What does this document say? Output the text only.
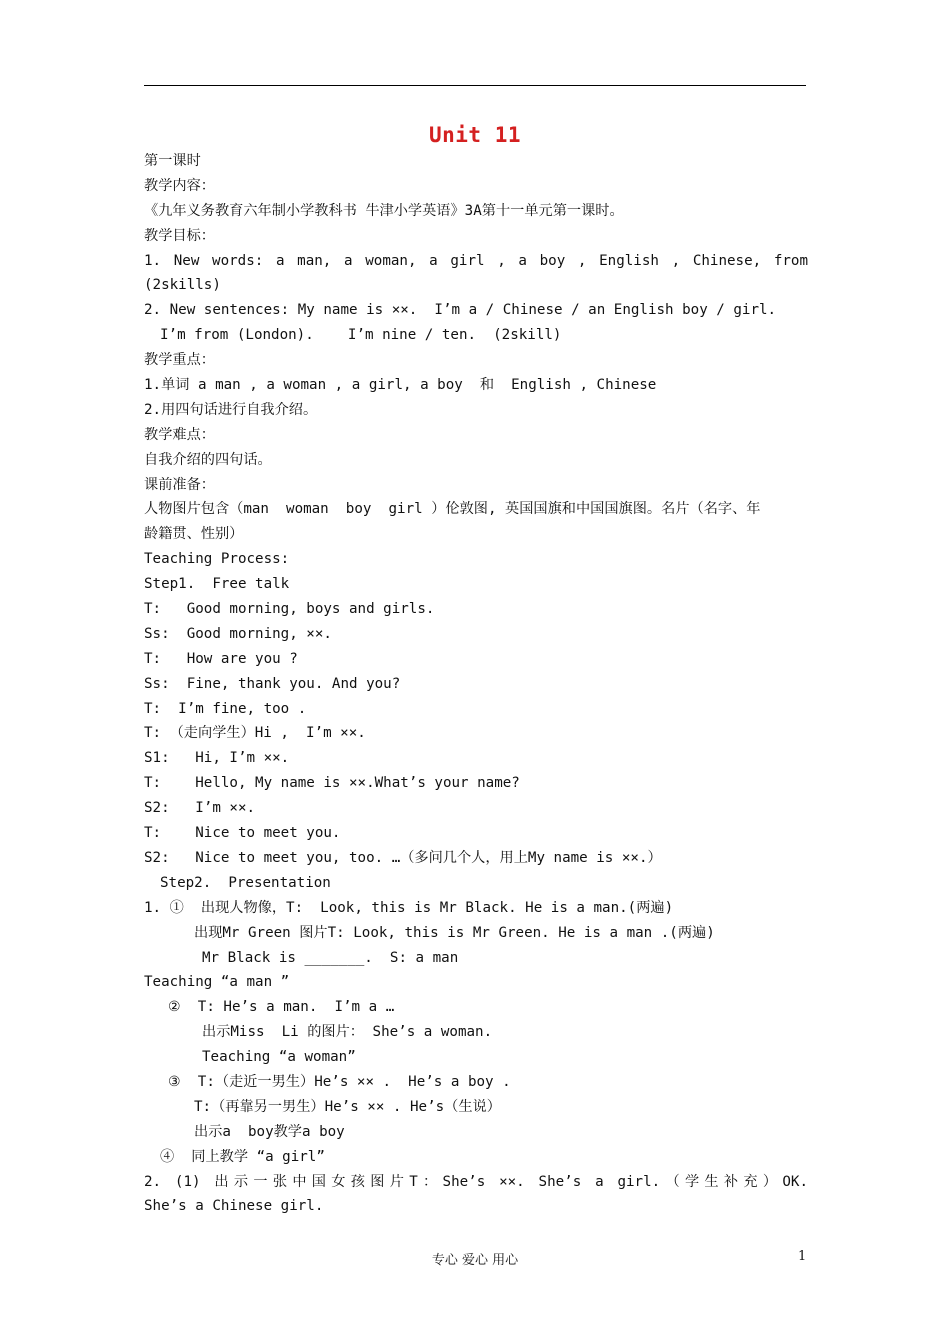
Unit 11
第一课时
教学内容：
《九年义务教育六年制小学教科书 牛津小学英语》3A第十一单元第一课时。
教学目标：
1. New words: a man, a woman, a girl , a boy , English , Chinese, from
(2skills)
2. New sentences: My name is ××.  I’m a / Chinese / an English boy / girl.
I’m from (London).    I’m nine / ten.  (2skill)
教学重点：
1.单词 a man , a woman , a girl, a boy  和  English , Chinese
2.用四句话进行自我介绍。
教学难点：
自我介绍的四句话。
课前准备：
人物图片包含（man  woman  boy  girl ）伦敦图, 英国国旗和中国国旗图。名片（名字、年
龄籍贯、性别）
Teaching Process:
Step1.  Free talk
T:   Good morning, boys and girls.
Ss:  Good morning, ××.
T:   How are you ?
Ss:  Fine, thank you. And you?
T:  I’m fine, too .
T: （走向学生）Hi ,  I’m ××.
S1:   Hi, I’m ××.
T:    Hello, My name is ××.What’s your name?
S2:   I’m ××.
T:    Nice to meet you.
S2:   Nice to meet you, too. …（多问几个人，用上My name is ××.）
Step2.  Presentation
1. ①  出现人物像，T:  Look, this is Mr Black. He is a man.(两遍)
出现Mr Green 图片T: Look, this is Mr Green. He is a man .(两遍)
Mr Black is _______.  S: a man
Teaching “a man ”
②  T: He’s a man.  I’m a …
出示Miss  Li 的图片： She’s a woman.
Teaching “a woman”
③  T:（走近一男生）He’s ×× .  He’s a boy .
T:（再靠另一男生）He’s ×× . He’s（生说）
出示a  boy教学a boy
④  同上教学 “a girl”
2. (1) 出示一张中国女孩图片T：She’s ××. She’s a girl.（学生补充）OK.
She’s a Chinese girl.
专心 爱心 用心	1
